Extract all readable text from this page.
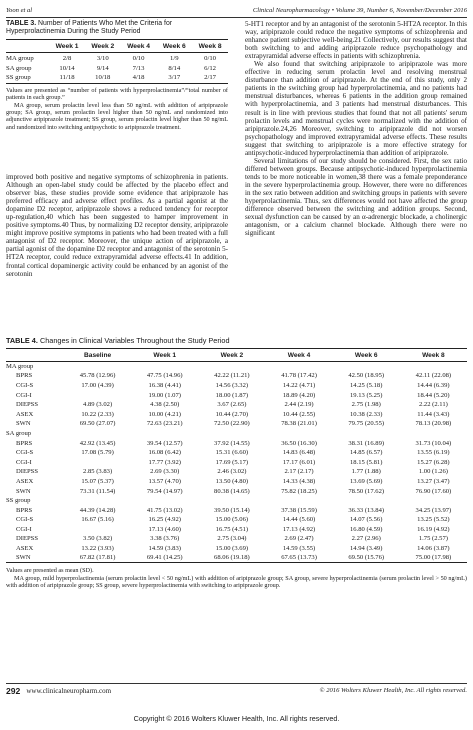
Yoon et al	Clinical Neuropharmacology • Volume 39, Number 6, November/December 2016
TABLE 3. Number of Patients Who Met the Criteria for Hyperprolactinemia During the Study Period
	Week 1	Week 2	Week 4	Week 6	Week 8
MA group	2/8	3/10	0/10	1/9	0/10
SA group	10/14	9/14	7/13	8/14	6/12
SS group	11/18	10/18	4/18	3/17	2/17

Values are presented as “number of patients with hyperprolactinemia”/“total number of patients in each group.”

MA group, serum prolactin level less than 50 ng/mL with addition of aripiprazole group; SA group, serum prolactin level higher than 50 ng/mL and randomized into adjunctive aripiprazole treatment; SS group, serum prolactin level higher than 50 ng/mL and randomized into switching antipsychotic to aripiprazole treatment.

improved both positive and negative symptoms of schizophrenia in patients. Although an open-label study could be affected by the placebo effect and observer bias, these studies provide some evidence that aripiprazole has preferred efficacy and adverse effect profiles. As a partial agonist at the dopamine D2 receptor, aripiprazole shows a reduced tendency for receptor up-regulation,40 which has been suggested to hamper improvement in positive symptoms.40 Thus, by normalizing D2 receptor density, aripiprazole might improve positive symptoms in patients who had been treated with a full antagonist of D2 receptor. Moreover, the unique action of aripiprazole, a partial agonist of the dopamine D2 receptor and antagonist of the serotonin 5-HT2A receptor, could reduce extrapyramidal adverse effects.41 In addition, frontal cortical dopaminergic activity could be enhanced by an agonist of the serotonin

5-HT1 receptor and by an antagonist of the serotonin 5-HT2A receptor. In this way, aripiprazole could reduce the negative symptoms of schizophrenia and enhance patient subjective well-being.21 Collectively, our results suggest that both switching to and adding aripiprazole reduce psychopathology and extrapyramidal adverse effects in patients with schizophrenia.

We also found that switching aripiprazole to aripiprazole was more effective in reducing serum prolactin level and resolving menstrual disturbance than addition of aripiprazole. At the end of this study, only 2 patients in the switching group had hyperprolactinemia, and no patients had menstrual disturbances, whereas 6 patients in the addition group remained with hyperprolactinemia, and 3 patients had menstrual disturbances. This result is in line with previous studies that found that not all patients' serum prolactin levels and menstrual cycles were normalized with the addition of aripiprazole.24,26 Moreover, switching to aripiprazole did not worsen psychopathology and improved extrapyramidal adverse effects. These results suggest that switching to aripiprazole is a more effective strategy for antipsychotic-induced hyperprolactinemia than addition of aripiprazole.

Several limitations of our study should be considered. First, the sex ratio differed between groups. Because antipsychotic-induced hyperprolactinemia tends to be more noticeable in women,38 there was a female preponderance in the severe hyperprolactinemia group. However, there were no differences in the sex ratio between addition and switching groups in patients with severe hyperprolactinemia. Thus, sex differences would not have affected the group difference observed between the switching and addition groups. Second, sexual dysfunction can be caused by an α-adrenergic blockade, a cholinergic antagonism, or a calcium channel blockade. Although there were no significant

TABLE 4. Changes in Clinical Variables Throughout the Study Period
	Baseline	Week 1	Week 2	Week 4	Week 6	Week 8
MA group						
BPRS	45.78 (12.96)	47.75 (14.96)	42.22 (11.21)	41.78 (17.42)	42.50 (18.95)	42.11 (22.08)
CGI-S	17.00 (4.39)	16.38 (4.41)	14.56 (3.32)	14.22 (4.71)	14.25 (5.18)	14.44 (6.39)
CGI-I		19.00 (1.07)	18.00 (1.87)	18.89 (4.20)	19.13 (5.25)	18.44 (5.20)
DIEPSS	4.89 (3.02)	4.38 (2.50)	3.67 (2.65)	2.44 (2.19)	2.75 (1.98)	2.22 (2.11)
ASEX	10.22 (2.33)	10.00 (4.21)	10.44 (2.70)	10.44 (2.55)	10.38 (2.33)	11.44 (3.43)
SWN	69.50 (27.07)	72.63 (23.21)	72.50 (22.90)	78.38 (21.01)	79.75 (20.55)	78.13 (20.98)
SA group						
BPRS	42.92 (13.45)	39.54 (12.57)	37.92 (14.55)	36.50 (16.30)	38.31 (16.89)	31.73 (10.04)
CGI-S	17.08 (5.79)	16.08 (6.42)	15.31 (6.60)	14.83 (6.48)	14.85 (6.57)	13.55 (6.19)
CGI-I		17.77 (3.92)	17.69 (5.17)	17.17 (6.01)	18.15 (5.81)	15.27 (6.28)
DIEPSS	2.85 (3.83)	2.69 (3.30)	2.46 (3.02)	2.17 (2.17)	1.77 (1.88)	1.00 (1.26)
ASEX	15.07 (5.37)	13.57 (4.70)	13.50 (4.80)	14.33 (4.38)	13.69 (5.69)	13.27 (3.47)
SWN	73.31 (11.54)	79.54 (14.97)	80.38 (14.65)	75.82 (18.25)	78.50 (17.62)	76.90 (17.60)
SS group						
BPRS	44.39 (14.28)	41.75 (13.02)	39.50 (15.14)	37.38 (15.59)	36.33 (13.84)	34.25 (13.97)
CGI-S	16.67 (5.16)	16.25 (4.92)	15.00 (5.06)	14.44 (5.60)	14.07 (5.56)	13.25 (5.52)
CGI-I		17.13 (4.60)	16.75 (4.51)	17.13 (4.92)	16.80 (4.59)	16.19 (4.92)
DIEPSS	3.50 (3.82)	3.38 (3.76)	2.75 (3.04)	2.69 (2.47)	2.27 (2.96)	1.75 (2.57)
ASEX	13.22 (3.93)	14.59 (3.83)	15.00 (3.69)	14.59 (3.55)	14.94 (3.49)	14.06 (3.87)
SWN	67.82 (17.81)	69.41 (14.25)	68.06 (19.18)	67.65 (13.73)	69.50 (15.76)	75.00 (17.98)

Values are presented as mean (SD).

MA group, mild hyperprolactinemia (serum prolactin level < 50 ng/mL) with addition of aripiprazole group; SA group, severe hyperprolactinemia (serum prolactin level > 50 ng/mL) with addition of aripiprazole group; SS group, severe hyperprolactinemia with switching to aripiprazole group.

292 www.clinicalneuropharm.com	© 2016 Wolters Kluwer Health, Inc. All rights reserved.
Copyright © 2016 Wolters Kluwer Health, Inc. All rights reserved.
